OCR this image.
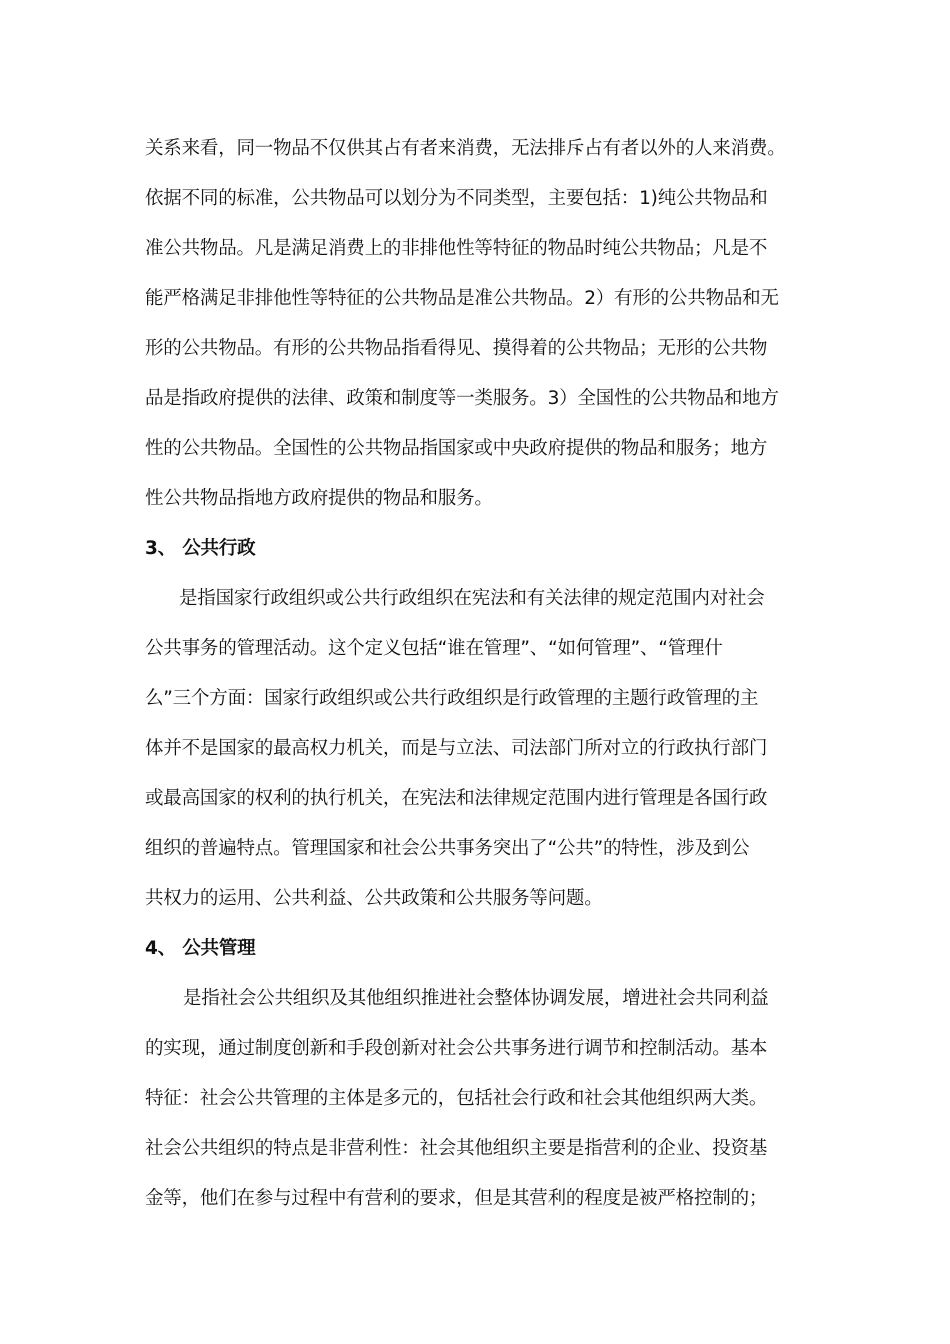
关系来看，同一物品不仅供其占有者来消费，无法排斥占有者以外的人来消费。
依据不同的标准，公共物品可以划分为不同类型，主要包括：1)纯公共物品和
准公共物品。凡是满足消费上的非排他性等特征的物品时纯公共物品；凡是不
能严格满足非排他性等特征的公共物品是准公共物品。2）有形的公共物品和无
形的公共物品。有形的公共物品指看得见、摸得着的公共物品；无形的公共物
品是指政府提供的法律、政策和制度等一类服务。3）全国性的公共物品和地方
性的公共物品。全国性的公共物品指国家或中央政府提供的物品和服务；地方
性公共物品指地方政府提供的物品和服务。
3、 公共行政
是指国家行政组织或公共行政组织在宪法和有关法律的规定范围内对社会
公共事务的管理活动。这个定义包括“谁在管理”、“如何管理”、“管理什
么”三个方面：国家行政组织或公共行政组织是行政管理的主题行政管理的主
体并不是国家的最高权力机关，而是与立法、司法部门所对立的行政执行部门
或最高国家的权利的执行机关，在宪法和法律规定范围内进行管理是各国行政
组织的普遍特点。管理国家和社会公共事务突出了“公共”的特性，涉及到公
共权力的运用、公共利益、公共政策和公共服务等问题。
4、 公共管理
是指社会公共组织及其他组织推进社会整体协调发展，增进社会共同利益
的实现，通过制度创新和手段创新对社会公共事务进行调节和控制活动。基本
特征：社会公共管理的主体是多元的，包括社会行政和社会其他组织两大类。
社会公共组织的特点是非营利性：社会其他组织主要是指营利的企业、投资基
金等，他们在参与过程中有营利的要求，但是其营利的程度是被严格控制的；
